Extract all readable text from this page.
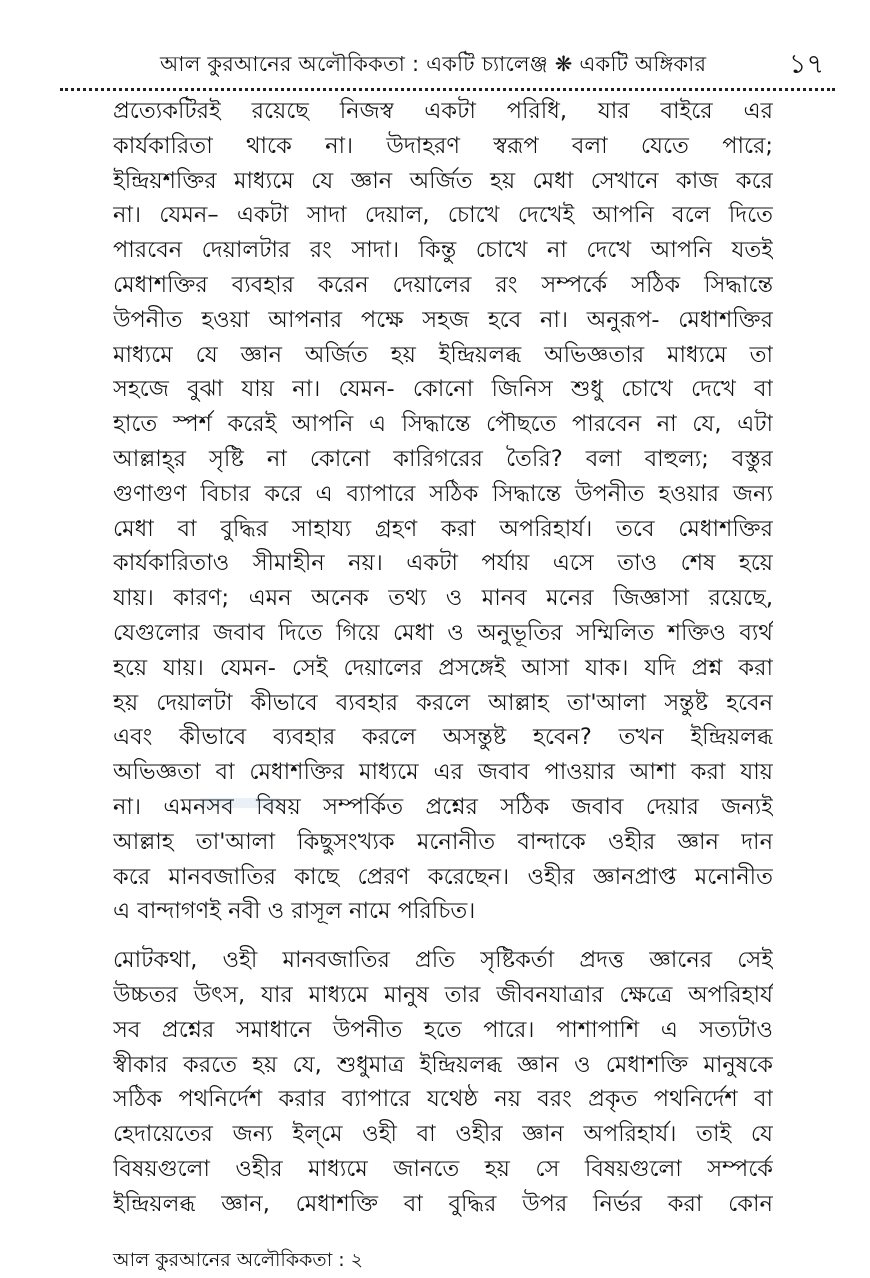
আল কুরআনের অলৌকিকতা : একটি চ্যালেঞ্জ ❋ একটি অঙ্গিকার	১৭
প্রত্যেকটিরই রয়েছে নিজস্ব একটা পরিধি, যার বাইরে এর
কার্যকারিতা থাকে না। উদাহরণ স্বরূপ বলা যেতে পারে;
ইন্দ্রিয়শক্তির মাধ্যমে যে জ্ঞান অর্জিত হয় মেধা সেখানে কাজ করে
না। যেমন– একটা সাদা দেয়াল, চোখে দেখেই আপনি বলে দিতে
পারবেন দেয়ালটার রং সাদা। কিন্তু চোখে না দেখে আপনি যতই
মেধাশক্তির ব্যবহার করেন দেয়ালের রং সম্পর্কে সঠিক সিদ্ধান্তে
উপনীত হওয়া আপনার পক্ষে সহজ হবে না। অনুরূপ- মেধাশক্তির
মাধ্যমে যে জ্ঞান অর্জিত হয় ইন্দ্রিয়লব্ধ অভিজ্ঞতার মাধ্যমে তা
সহজে বুঝা যায় না। যেমন- কোনো জিনিস শুধু চোখে দেখে বা
হাতে স্পর্শ করেই আপনি এ সিদ্ধান্তে পৌছতে পারবেন না যে, এটা
আল্লাহ্‌র সৃষ্টি না কোনো কারিগরের তৈরি? বলা বাহুল্য; বস্তুর
গুণাগুণ বিচার করে এ ব্যাপারে সঠিক সিদ্ধান্তে উপনীত হওয়ার জন্য
মেধা বা বুদ্ধির সাহায্য গ্রহণ করা অপরিহার্য। তবে মেধাশক্তির
কার্যকারিতাও সীমাহীন নয়। একটা পর্যায় এসে তাও শেষ হয়ে
যায়। কারণ; এমন অনেক তথ্য ও মানব মনের জিজ্ঞাসা রয়েছে,
যেগুলোর জবাব দিতে গিয়ে মেধা ও অনুভূতির সম্মিলিত শক্তিও ব্যর্থ
হয়ে যায়। যেমন- সেই দেয়ালের প্রসঙ্গেই আসা যাক। যদি প্রশ্ন করা
হয় দেয়ালটা কীভাবে ব্যবহার করলে আল্লাহ তা'আলা সন্তুষ্ট হবেন
এবং কীভাবে ব্যবহার করলে অসন্তুষ্ট হবেন? তখন ইন্দ্রিয়লব্ধ
অভিজ্ঞতা বা মেধাশক্তির মাধ্যমে এর জবাব পাওয়ার আশা করা যায়
না। এমনসব বিষয় সম্পর্কিত প্রশ্নের সঠিক জবাব দেয়ার জন্যই
আল্লাহ তা'আলা কিছুসংখ্যক মনোনীত বান্দাকে ওহীর জ্ঞান দান
করে মানবজাতির কাছে প্রেরণ করেছেন। ওহীর জ্ঞানপ্রাপ্ত মনোনীত
এ বান্দাগণই নবী ও রাসূল নামে পরিচিত।
মোটকথা, ওহী মানবজাতির প্রতি সৃষ্টিকর্তা প্রদত্ত জ্ঞানের সেই
উচ্চতর উৎস, যার মাধ্যমে মানুষ তার জীবনযাত্রার ক্ষেত্রে অপরিহার্য
সব প্রশ্নের সমাধানে উপনীত হতে পারে। পাশাপাশি এ সত্যটাও
স্বীকার করতে হয় যে, শুধুমাত্র ইন্দ্রিয়লব্ধ জ্ঞান ও মেধাশক্তি মানুষকে
সঠিক পথনির্দেশ করার ব্যাপারে যথেষ্ঠ নয় বরং প্রকৃত পথনির্দেশ বা
হেদায়েতের জন্য ইল্‌মে ওহী বা ওহীর জ্ঞান অপরিহার্য। তাই যে
বিষয়গুলো ওহীর মাধ্যমে জানতে হয় সে বিষয়গুলো সম্পর্কে
ইন্দ্রিয়লব্ধ জ্ঞান, মেধাশক্তি বা বুদ্ধির উপর নির্ভর করা কোন
আল কুরআনের অলৌকিকতা : ২
